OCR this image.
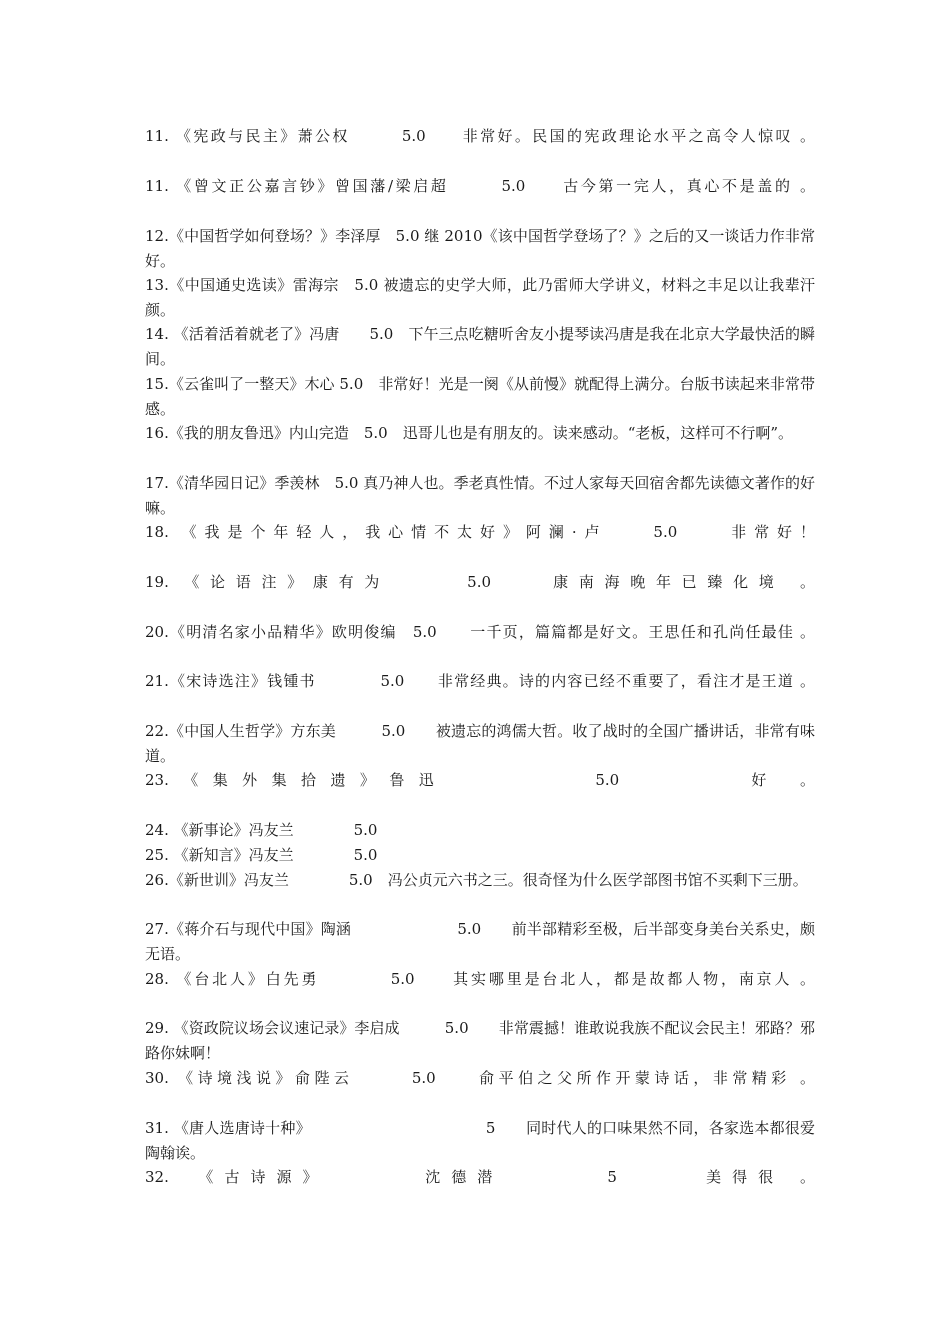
11. 《宪政与民主》萧公权　　　5.0　　非常好。民国的宪政理论水平之高令人惊叹 。
11. 《曾文正公嘉言钞》曾国藩/梁启超　　　5.0　　古今第一完人，真心不是盖的 。
12.《中国哲学如何登场？》李泽厚　5.0 继 2010《该中国哲学登场了？》之后的又一谈话力作非常好。
13.《中国通史选读》雷海宗　5.0 被遗忘的史学大师，此乃雷师大学讲义，材料之丰足以让我辈汗颜。
14. 《活着活着就老了》冯唐　　5.0　下午三点吃糖听舍友小提琴读冯唐是我在北京大学最快活的瞬间。
15.《云雀叫了一整天》木心 5.0　非常好！光是一阕《从前慢》就配得上满分。台版书读起来非常带感。
16.《我的朋友鲁迅》内山完造　5.0　迅哥儿也是有朋友的。读来感动。“老板，这样可不行啊”。
17.《清华园日记》季羡林　5.0 真乃神人也。季老真性情。不过人家每天回宿舍都先读德文著作的好嘛。
18. 《我是个年轻人，我心情不太好》阿澜·卢　　5.0　　非常好！
19. 《论语注》康有为　　　5.0　　康南海晚年已臻化境 。
20.《明清名家小品精华》欧明俊编　5.0　　一千页，篇篇都是好文。王思任和孔尚任最佳 。
21.《宋诗选注》钱锺书　　　　5.0　　非常经典。诗的内容已经不重要了，看注才是王道 。
22.《中国人生哲学》方东美　　　5.0　　被遗忘的鸿儒大哲。收了战时的全国广播讲话，非常有味道。
23.《集外集拾遗》鲁迅　　　　　5.0　　　　好 。
24. 《新事论》冯友兰　　　　5.0
25. 《新知言》冯友兰　　　　5.0
26.《新世训》冯友兰　　　　5.0　冯公贞元六书之三。很奇怪为什么医学部图书馆不买剩下三册。
27.《蒋介石与现代中国》陶涵　　　　　　　5.0　　前半部精彩至极，后半部变身美台关系史，颇无语。
28. 《台北人》白先勇　　　　5.0　　其实哪里是台北人，都是故都人物，南京人 。
29. 《资政院议场会议速记录》李启成　　　5.0　　非常震撼！谁敢说我族不配议会民主！邪路？邪路你妹啊！
30. 《诗境浅说》俞陛云　　　5.0　　俞平伯之父所作开蒙诗话，非常精彩 。
31. 《唐人选唐诗十种》　　　　　　　　　　　　5　　同时代人的口味果然不同，各家选本都很爱陶翰诶。
32.　《古诗源》　　　　沈德潜　　　　5　　　美得很 。
